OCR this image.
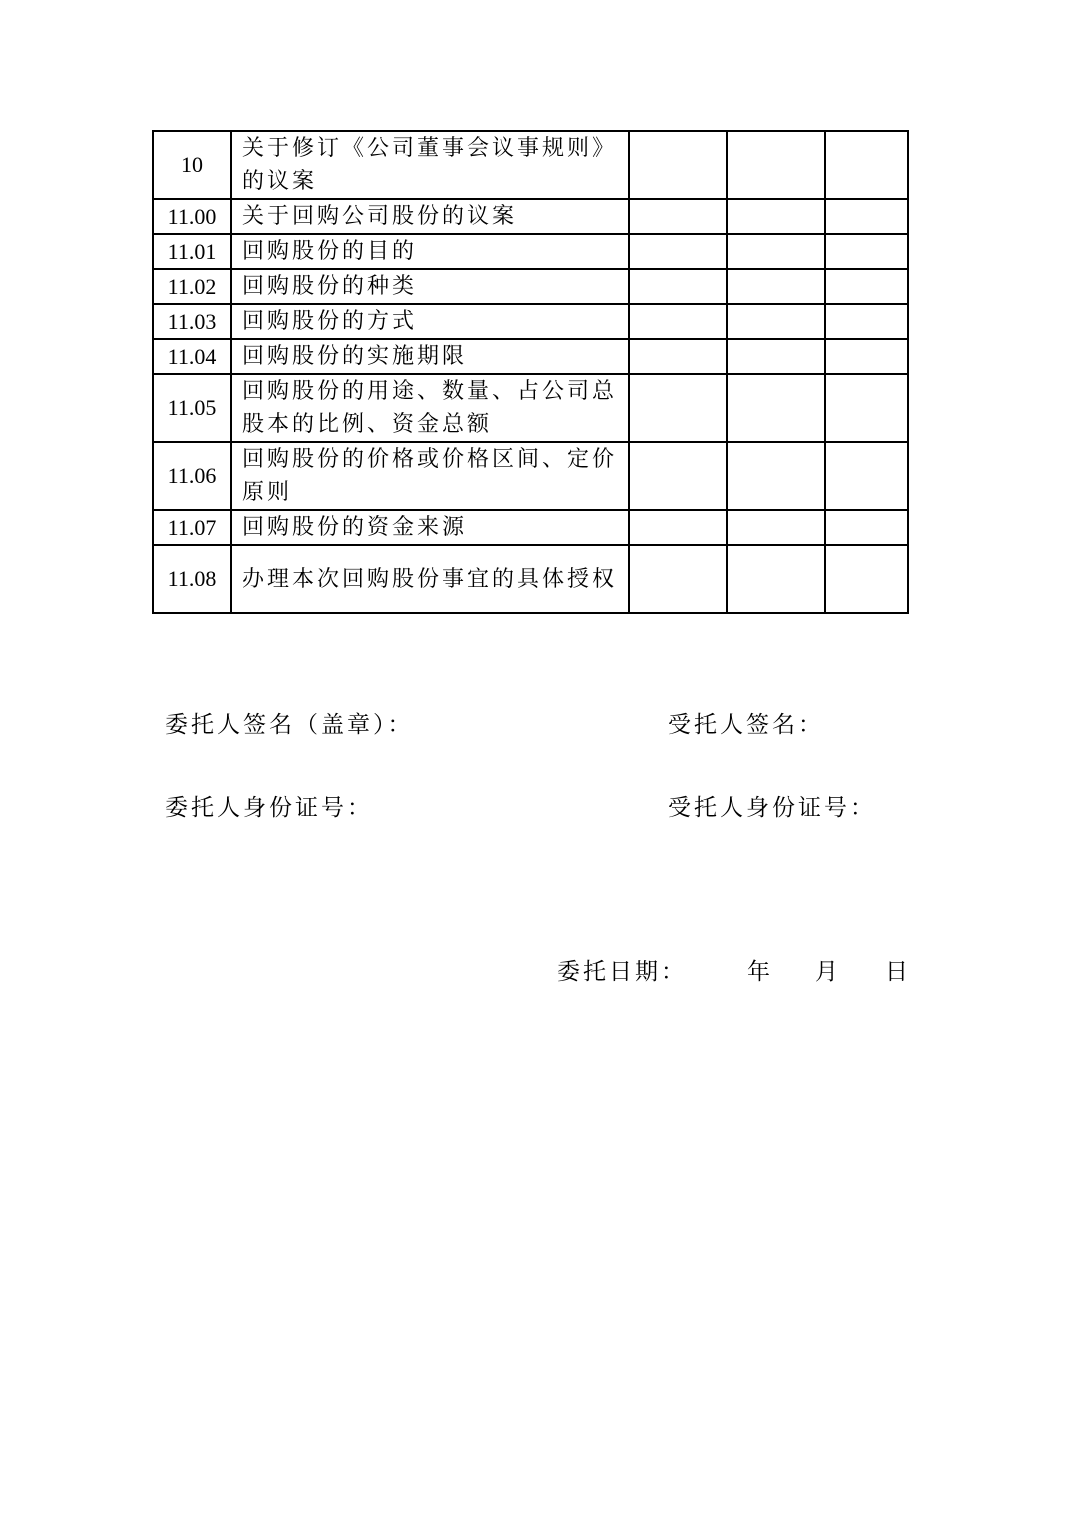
10	关于修订《公司董事会议事规则》的议案			
11.00	关于回购公司股份的议案			
11.01	回购股份的目的			
11.02	回购股份的种类			
11.03	回购股份的方式			
11.04	回购股份的实施期限			
11.05	回购股份的用途、数量、占公司总股本的比例、资金总额			
11.06	回购股份的价格或价格区间、定价原则			
11.07	回购股份的资金来源			
11.08	办理本次回购股份事宜的具体授权			
委托人签名（盖章）：	受托人签名：
委托人身份证号：	受托人身份证号：
委托日期：	年 月 日
